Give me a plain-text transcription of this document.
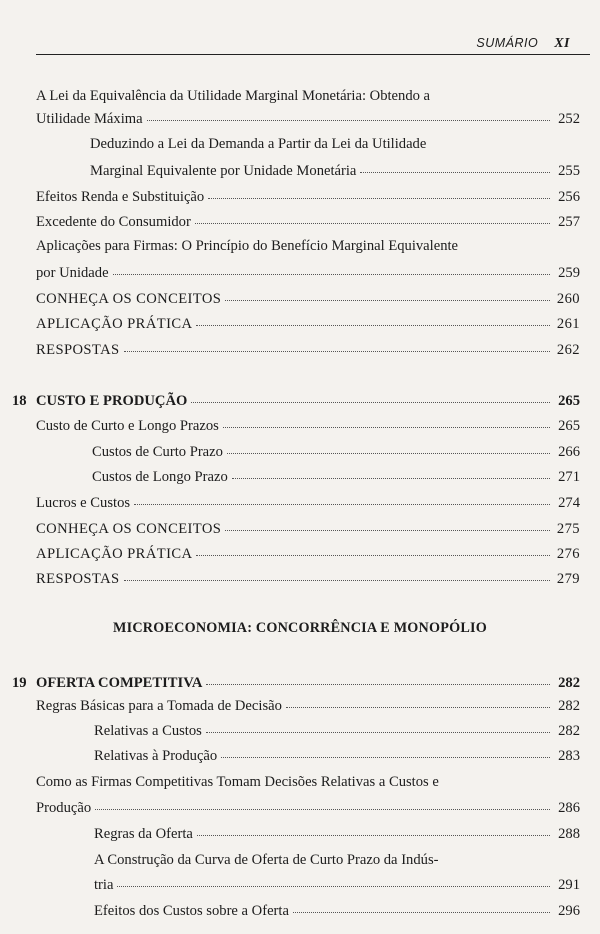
SUMÁRIO XI
A Lei da Equivalência da Utilidade Marginal Monetária: Obtendo a
Utilidade Máxima	252
Deduzindo a Lei da Demanda a Partir da Lei da Utilidade
Marginal Equivalente por Unidade Monetária	255
Efeitos Renda e Substituição	256
Excedente do Consumidor	257
Aplicações para Firmas: O Princípio do Benefício Marginal Equivalente
por Unidade	259
CONHEÇA OS CONCEITOS	260
APLICAÇÃO PRÁTICA	261
RESPOSTAS	262
18 CUSTO E PRODUÇÃO	265
Custo de Curto e Longo Prazos	265
Custos de Curto Prazo	266
Custos de Longo Prazo	271
Lucros e Custos	274
CONHEÇA OS CONCEITOS	275
APLICAÇÃO PRÁTICA	276
RESPOSTAS	279
MICROECONOMIA: CONCORRÊNCIA E MONOPÓLIO
19 OFERTA COMPETITIVA	282
Regras Básicas para a Tomada de Decisão	282
Relativas a Custos	282
Relativas à Produção	283
Como as Firmas Competitivas Tomam Decisões Relativas a Custos e
Produção	286
Regras da Oferta	288
A Construção da Curva de Oferta de Curto Prazo da Indús-
tria	291
Efeitos dos Custos sobre a Oferta	296
